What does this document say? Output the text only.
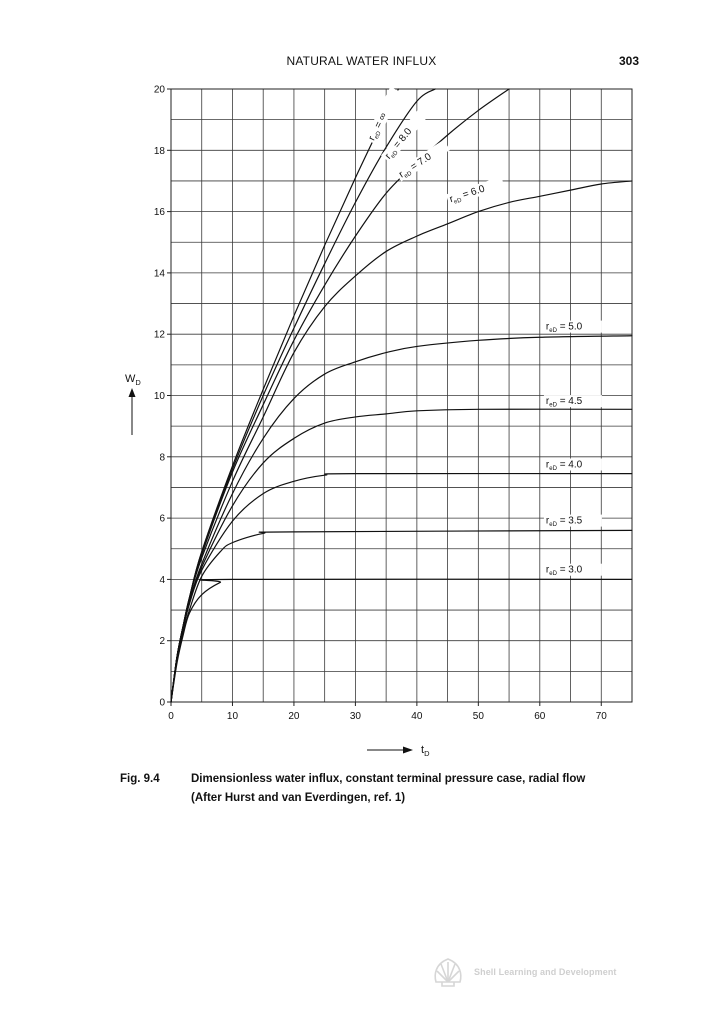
NATURAL WATER INFLUX	303
0	10	20	30	40	50	60	70
0
2
4
6
8
10
12
14
16
18
20
$r_{eD}$ = ∞
$r_{eD} = 8.0$
$r_{eD} = 7.0$
$r_{eD} = 6.0$
$r_{eD} = 5.0$
$r_{eD} = 4.5$
$r_{eD} = 4.0$
$r_{eD} = 3.5$
$r_{eD} = 3.0$
$W_D$
$t_D$
Fig. 9.4	Dimensionless water influx, constant terminal pressure case, radial flow
(After Hurst and van Everdingen, ref. 1)
Shell Learning and Development
